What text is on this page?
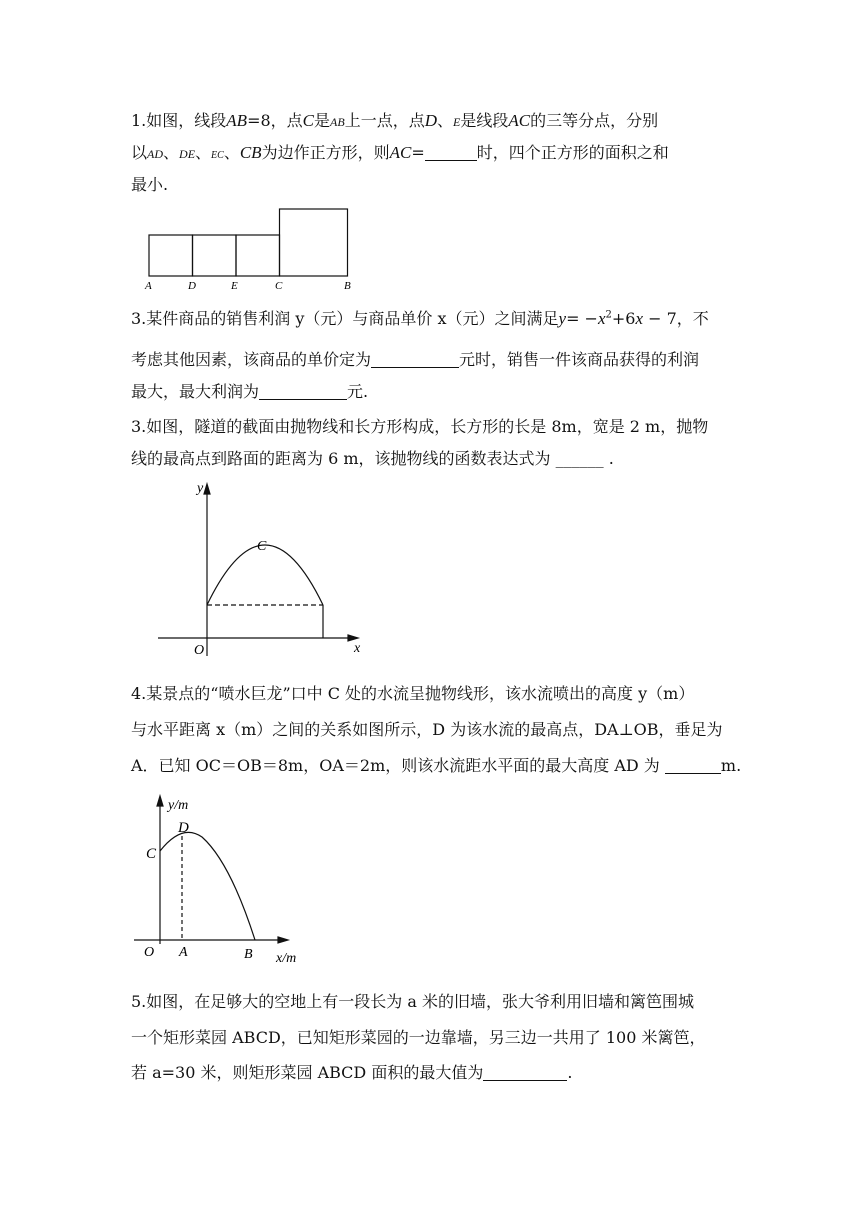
1.如图，线段AB=8，点C是AB上一点，点D、E是线段AC的三等分点，分别
以AD、DE、EC、CB为边作正方形，则AC=	时，四个正方形的面积之和
最小.
A	D	E	C	B
3.某件商品的销售利润 y（元）与商品单价 x（元）之间满足$y= -x^2+6x - 7$，不
考虑其他因素，该商品的单价定为	元时，销售一件该商品获得的利润
最大，最大利润为	元.
3.如图，隧道的截面由抛物线和长方形构成，长方形的长是 8m，宽是 2 m，抛物
线的最高点到路面的距离为 6 m，该抛物线的函数表达式为 ______ .
y
C
O	x
4.某景点的“喷水巨龙”口中 C 处的水流呈抛物线形，该水流喷出的高度 y（m）
与水平距离 x（m）之间的关系如图所示，D 为该水流的最高点，DA⊥OB，垂足为
A．已知 OC＝OB＝8m，OA＝2m，则该水流距水平面的最大高度 AD 为	m.
y/m
D
C
O A	B x/m
5.如图，在足够大的空地上有一段长为 a 米的旧墙，张大爷利用旧墙和篱笆围城
一个矩形菜园 ABCD，已知矩形菜园的一边靠墙，另三边一共用了 100 米篱笆，
若 a=30 米，则矩形菜园 ABCD 面积的最大值为	.
